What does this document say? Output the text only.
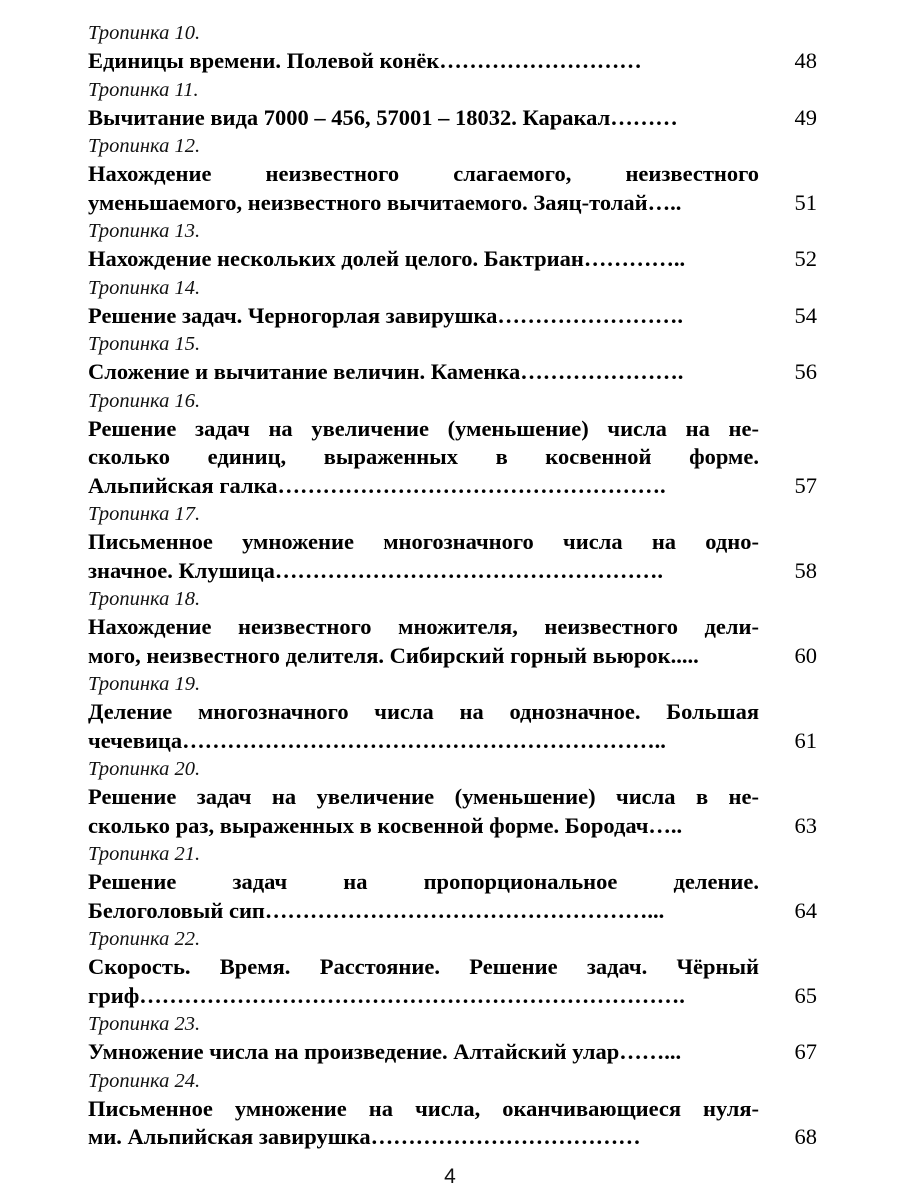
Тропинка 10.
Единицы времени. Полевой конёк………………………	48
Тропинка 11.
Вычитание вида 7000 – 456, 57001 – 18032. Каракал………	49
Тропинка 12.
Нахождение неизвестного слагаемого, неизвестного
уменьшаемого, неизвестного вычитаемого. Заяц-толай…..	51
Тропинка 13.
Нахождение нескольких долей целого. Бактриан…………..	52
Тропинка 14.
Решение задач. Черногорлая завирушка…………………….	54
Тропинка 15.
Сложение и вычитание величин. Каменка………………….	56
Тропинка 16.
Решение задач на увеличение (уменьшение) числа на не-
сколько единиц, выраженных в косвенной форме.
Альпийская галка…………………………………………….	57
Тропинка 17.
Письменное умножение многозначного числа на одно-
значное. Клушица…………………………………………….	58
Тропинка 18.
Нахождение неизвестного множителя, неизвестного дели-
мого, неизвестного делителя. Сибирский горный вьюрок.....	60
Тропинка 19.
Деление многозначного числа на однозначное. Большая
чечевица………………………………………………………..	61
Тропинка 20.
Решение задач на увеличение (уменьшение) числа в не-
сколько раз, выраженных в косвенной форме. Бородач…..	63
Тропинка 21.
Решение задач на пропорциональное деление.
Белоголовый сип……………………………………………...	64
Тропинка 22.
Скорость. Время. Расстояние. Решение задач. Чёрный
гриф……………………………………………………………….	65
Тропинка 23.
Умножение числа на произведение. Алтайский улар……...	67
Тропинка 24.
Письменное умножение на числа, оканчивающиеся нуля-
ми. Альпийская завирушка………………………………	68
4
